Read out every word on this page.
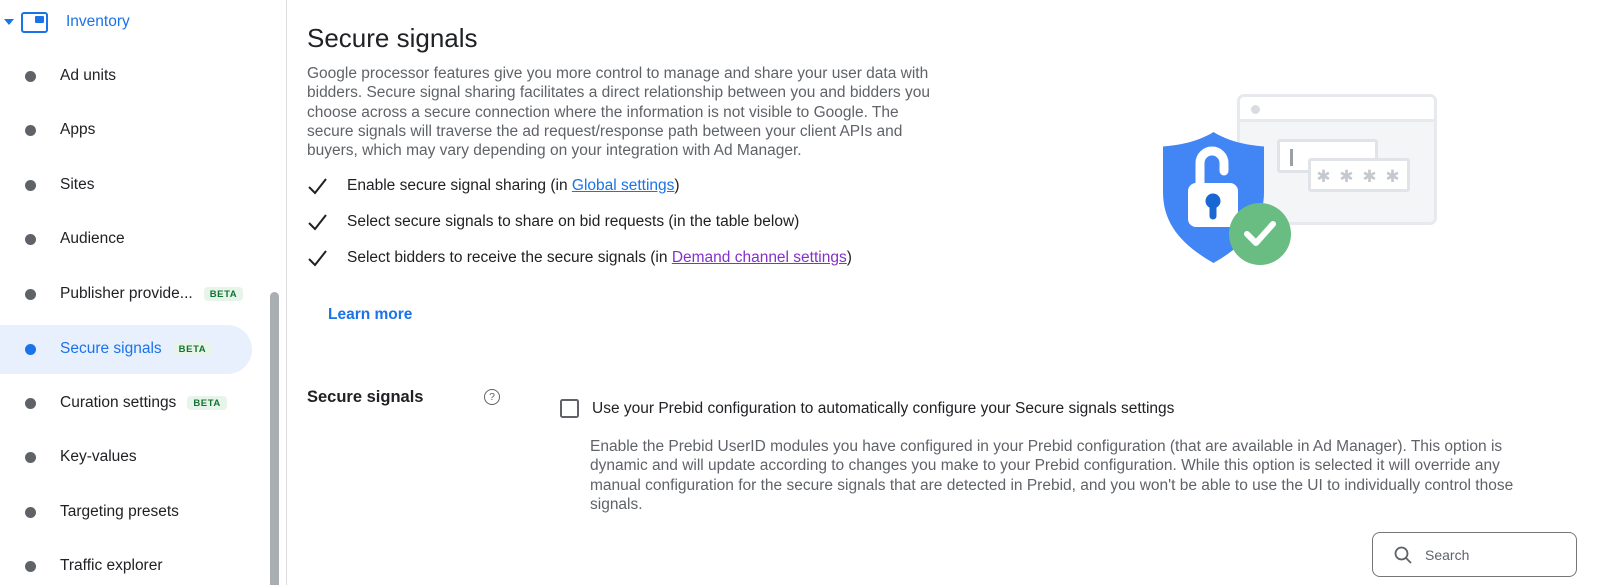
Inventory
Ad units
Apps
Sites
Audience
Publisher provide...	BETA
Secure signals	BETA
Curation settings	BETA
Key-values
Targeting presets
Traffic explorer
Secure signals

Google processor features give you more control to manage and share your user data with bidders. Secure signal sharing facilitates a direct relationship between you and bidders you choose across a secure connection where the information is not visible to Google. The secure signals will traverse the ad request/response path between your client APIs and buyers, which may vary depending on your integration with Ad Manager.

Enable secure signal sharing (in Global settings)
Select secure signals to share on bid requests (in the table below)
Select bidders to receive the secure signals (in Demand channel settings)
Learn more
Secure signals	?
Use your Prebid configuration to automatically configure your Secure signals settings
Enable the Prebid UserID modules you have configured in your Prebid configuration (that are available in Ad Manager). This option is dynamic and will update according to changes you make to your Prebid configuration. While this option is selected it will override any manual configuration for the secure signals that are detected in Prebid, and you won't be able to use the UI to individually control those signals.
Search
✱ ✱ ✱ ✱
